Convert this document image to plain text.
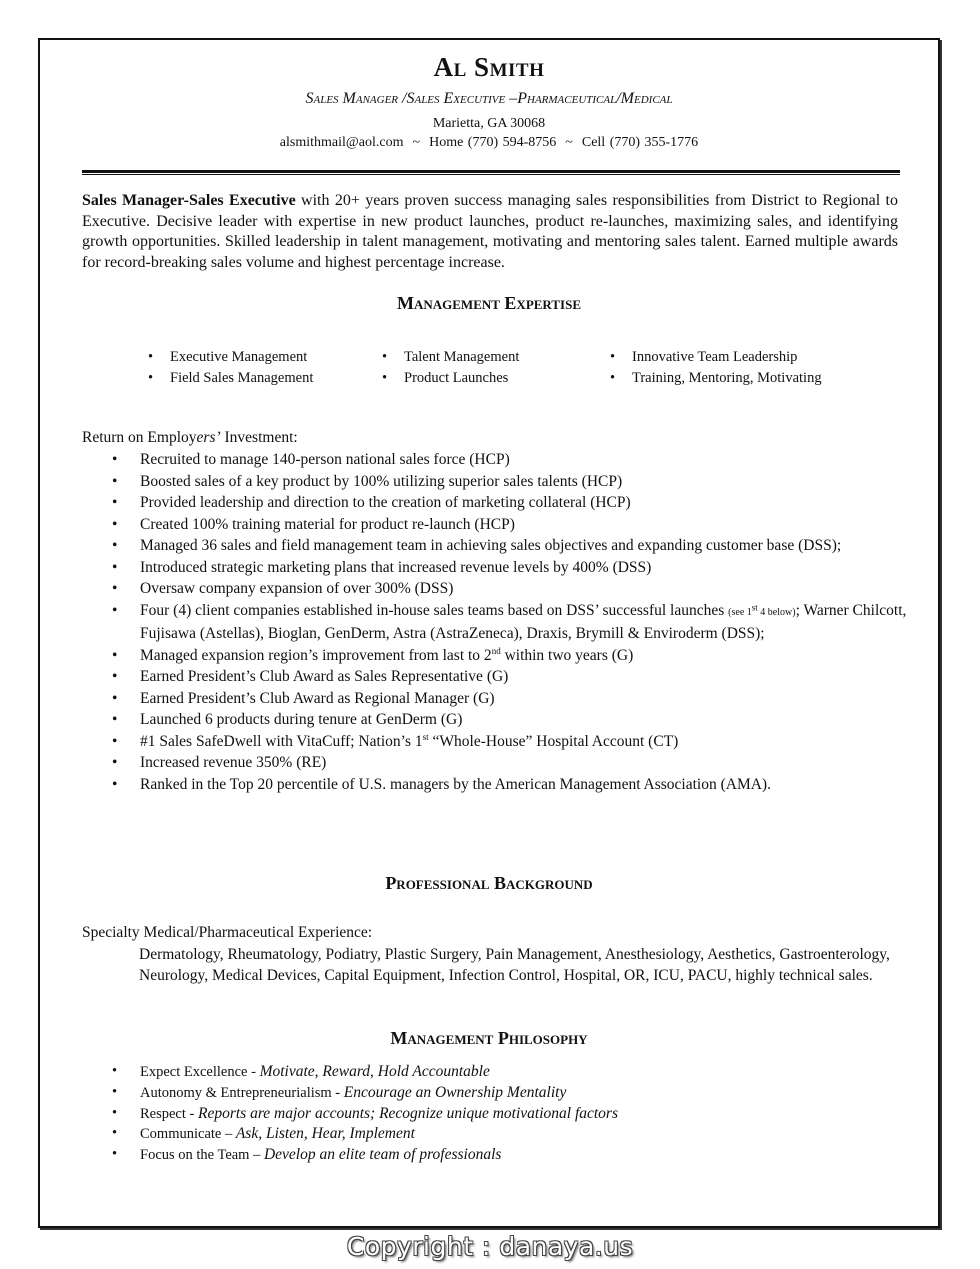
Al Smith
Sales Manager /Sales Executive –Pharmaceutical/Medical
Marietta, GA 30068
alsmithmail@aol.com ~ Home (770) 594-8756 ~ Cell (770) 355-1776
Sales Manager-Sales Executive with 20+ years proven success managing sales responsibilities from District to Regional to Executive. Decisive leader with expertise in new product launches, product re-launches, maximizing sales, and identifying growth opportunities. Skilled leadership in talent management, motivating and mentoring sales talent. Earned multiple awards for record-breaking sales volume and highest percentage increase.
Management Expertise
• Executive Management
• Field Sales Management
• Talent Management
• Product Launches
• Innovative Team Leadership
• Training, Mentoring, Motivating
Return on Employers’ Investment:
• Recruited to manage 140-person national sales force (HCP)
• Boosted sales of a key product by 100% utilizing superior sales talents (HCP)
• Provided leadership and direction to the creation of marketing collateral (HCP)
• Created 100% training material for product re-launch (HCP)
• Managed 36 sales and field management team in achieving sales objectives and expanding customer base (DSS);
• Introduced strategic marketing plans that increased revenue levels by 400% (DSS)
• Oversaw company expansion of over 300% (DSS)
• Four (4) client companies established in-house sales teams based on DSS’ successful launches (see 1st 4 below); Warner Chilcott, Fujisawa (Astellas), Bioglan, GenDerm, Astra (AstraZeneca), Draxis, Brymill & Enviroderm (DSS);
• Managed expansion region’s improvement from last to 2nd within two years (G)
• Earned President’s Club Award as Sales Representative (G)
• Earned President’s Club Award as Regional Manager (G)
• Launched 6 products during tenure at GenDerm (G)
• #1 Sales SafeDwell with VitaCuff; Nation’s 1st “Whole-House” Hospital Account (CT)
• Increased revenue 350% (RE)
• Ranked in the Top 20 percentile of U.S. managers by the American Management Association (AMA).
Professional Background
Specialty Medical/Pharmaceutical Experience:
Dermatology, Rheumatology, Podiatry, Plastic Surgery, Pain Management, Anesthesiology, Aesthetics, Gastroenterology, Neurology, Medical Devices, Capital Equipment, Infection Control, Hospital, OR, ICU, PACU, highly technical sales.
Management Philosophy
• Expect Excellence - Motivate, Reward, Hold Accountable
• Autonomy & Entrepreneurialism - Encourage an Ownership Mentality
• Respect - Reports are major accounts; Recognize unique motivational factors
• Communicate – Ask, Listen, Hear, Implement
• Focus on the Team – Develop an elite team of professionals
Copyright : danaya.us
